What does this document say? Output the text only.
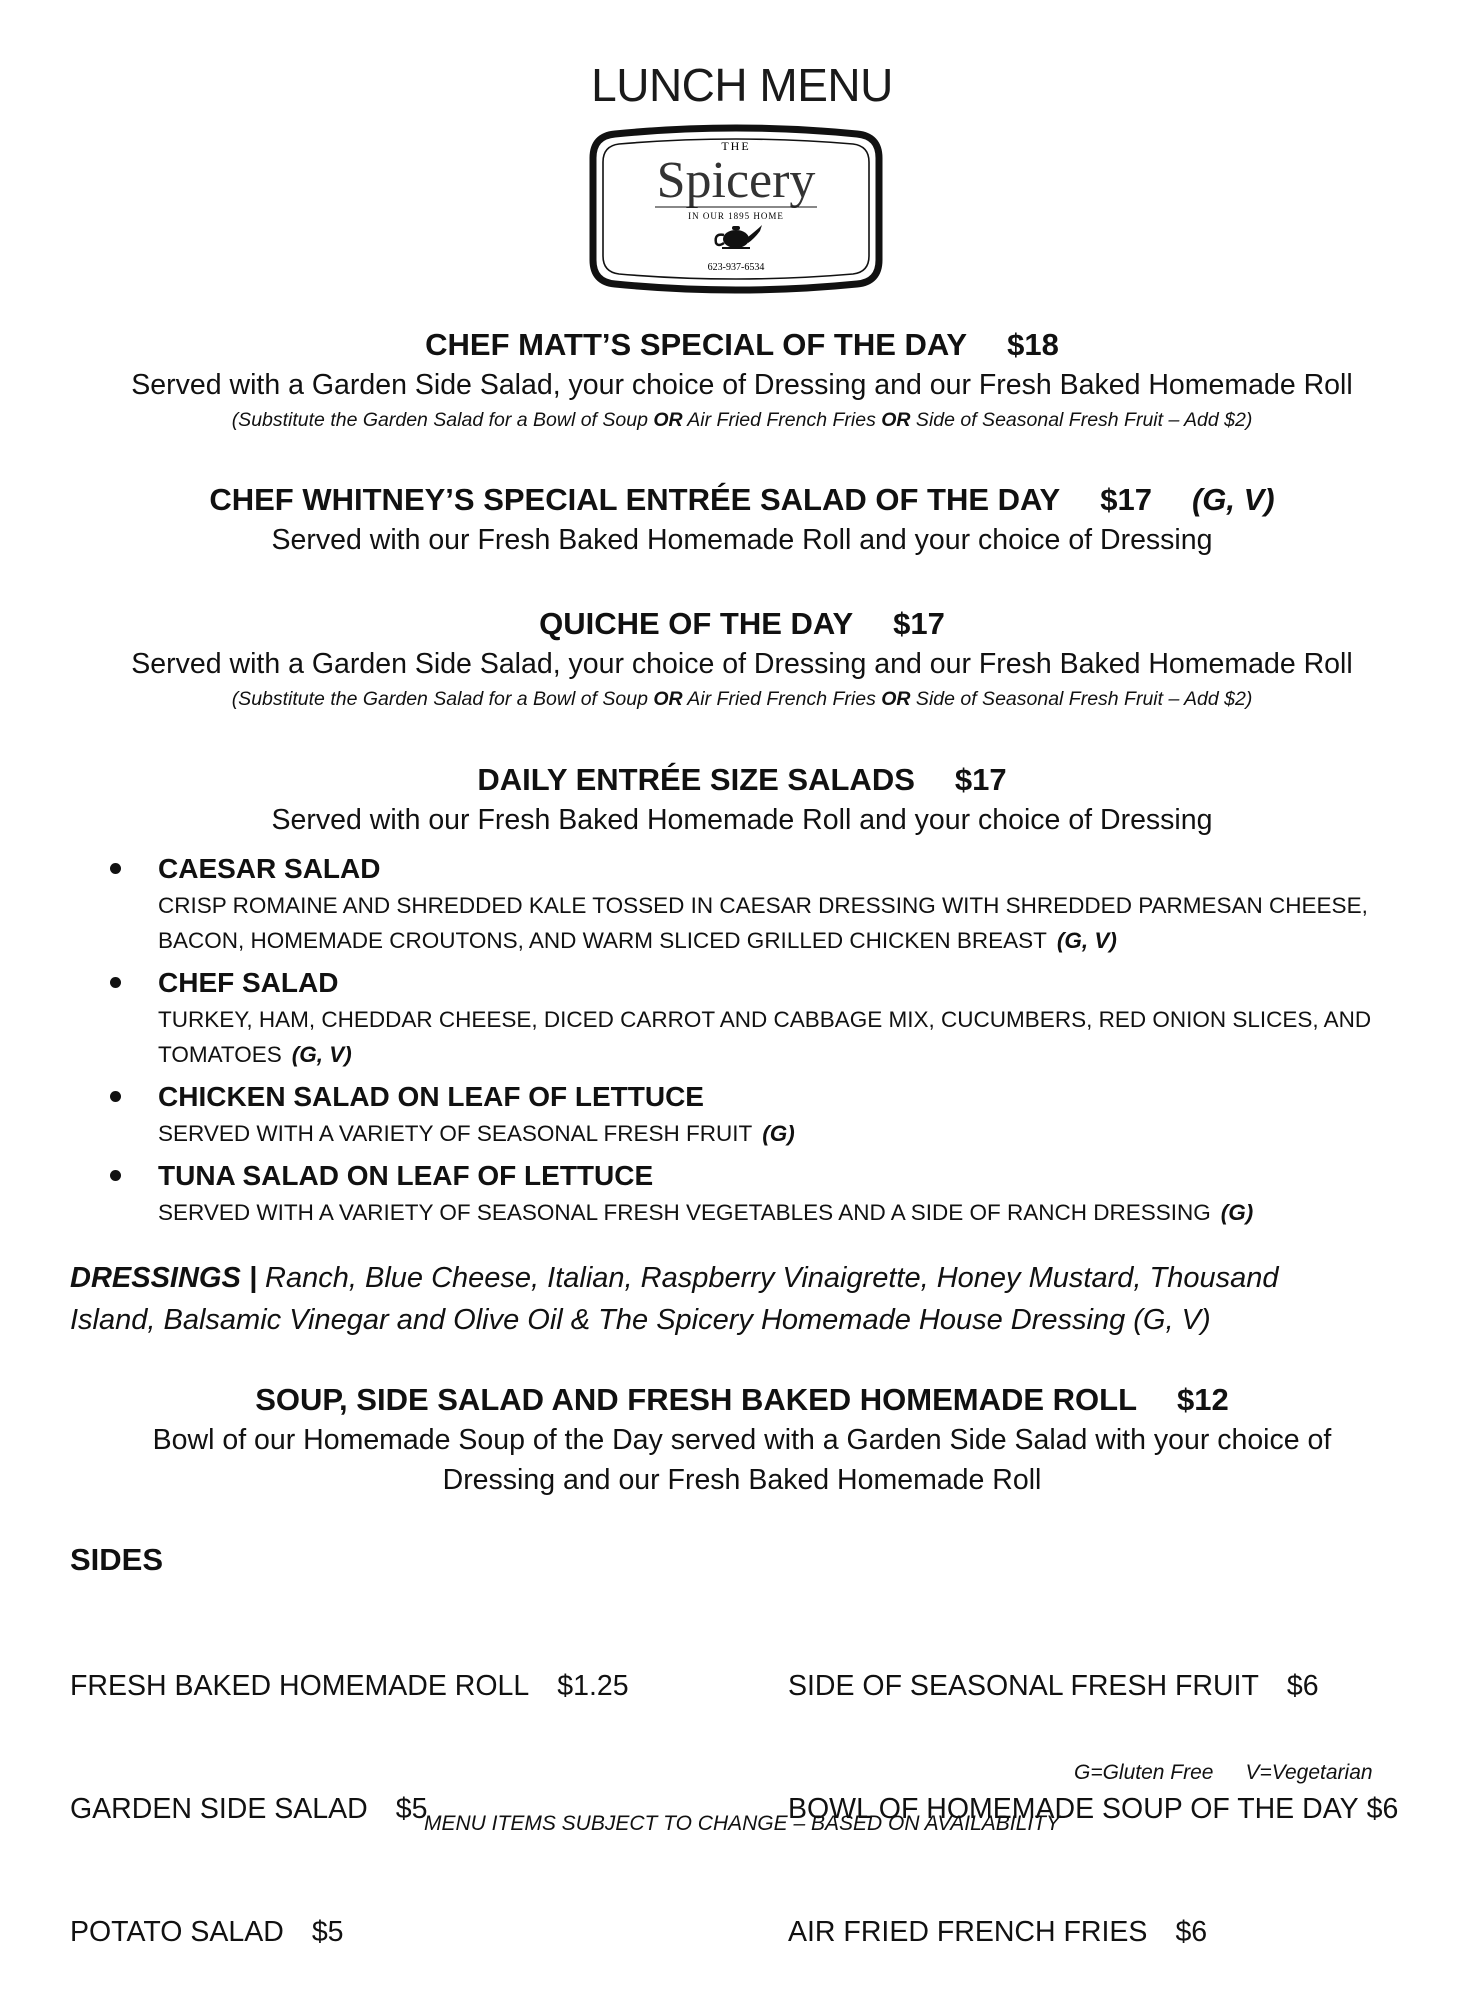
LUNCH MENU
THE
Spicery
IN OUR 1895 HOME
623-937-6534
CHEF MATT’S SPECIAL OF THE DAY $18
Served with a Garden Side Salad, your choice of Dressing and our Fresh Baked Homemade Roll
(Substitute the Garden Salad for a Bowl of Soup OR Air Fried French Fries OR Side of Seasonal Fresh Fruit – Add $2)
CHEF WHITNEY’S SPECIAL ENTRÉE SALAD OF THE DAY $17 (G, V)
Served with our Fresh Baked Homemade Roll and your choice of Dressing
QUICHE OF THE DAY $17
Served with a Garden Side Salad, your choice of Dressing and our Fresh Baked Homemade Roll
(Substitute the Garden Salad for a Bowl of Soup OR Air Fried French Fries OR Side of Seasonal Fresh Fruit – Add $2)
DAILY ENTRÉE SIZE SALADS $17
Served with our Fresh Baked Homemade Roll and your choice of Dressing
CAESAR SALAD
CRISP ROMAINE AND SHREDDED KALE TOSSED IN CAESAR DRESSING WITH SHREDDED PARMESAN CHEESE, BACON, HOMEMADE CROUTONS, AND WARM SLICED GRILLED CHICKEN BREAST (G, V)
CHEF SALAD
TURKEY, HAM, CHEDDAR CHEESE, DICED CARROT AND CABBAGE MIX, CUCUMBERS, RED ONION SLICES, AND TOMATOES (G, V)
CHICKEN SALAD ON LEAF OF LETTUCE
SERVED WITH A VARIETY OF SEASONAL FRESH FRUIT (G)
TUNA SALAD ON LEAF OF LETTUCE
SERVED WITH A VARIETY OF SEASONAL FRESH VEGETABLES AND A SIDE OF RANCH DRESSING (G)
DRESSINGS | Ranch, Blue Cheese, Italian, Raspberry Vinaigrette, Honey Mustard, Thousand Island, Balsamic Vinegar and Olive Oil & The Spicery Homemade House Dressing (G, V)
SOUP, SIDE SALAD AND FRESH BAKED HOMEMADE ROLL $12
Bowl of our Homemade Soup of the Day served with a Garden Side Salad with your choice of Dressing and our Fresh Baked Homemade Roll
SIDES

FRESH BAKED HOMEMADE ROLL $1.25

GARDEN SIDE SALAD $5

POTATO SALAD $5

SIDE OF SEASONAL FRESH FRUIT $6

BOWL OF HOMEMADE SOUP OF THE DAY $6

AIR FRIED FRENCH FRIES $6

G=Gluten Free V=Vegetarian
MENU ITEMS SUBJECT TO CHANGE – BASED ON AVAILABILITY
